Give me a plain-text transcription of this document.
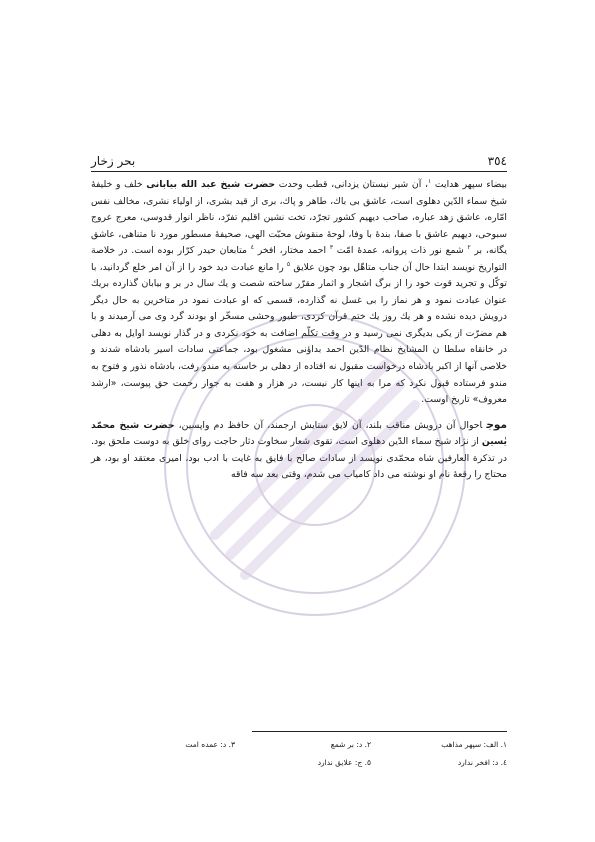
٣٥٤
بحر زخار

بیضاء سپهر هدایت $^١$، آن شیر نیستان یزدانی، قطب وحدت حضرت شیخ عبد الله بیابانی خلف و خلیفهٔ شیخ سماء الدّین دهلوی است، عاشق بی باك، طاهر و پاك، بری از قید بشری، از اولیاء نشری، مخالف نفس امّاره، عاشق زهد عباره، صاحب دیهیم کشور تجرّد، تخت نشین اقلیم تفرّد، ناظر انوار قدوسی، معرج عروج سبوحی، دیهیم عاشق با صفا، بندهٔ با وفا، لوحهٔ منقوش محبّت الهی، صحیفهٔ مسطور مورد نا متناهی، عاشق یگانه، بر $^٢$ شمع نور ذات پروانه، عمدهٔ امّت $^٣$ احمد مختار، افخر $^٤$ متابعان حیدر کرّار بوده است. در خلاصة التواریخ نویسد ابتدا حال آن جناب متاهّل بود چون علایق $^٥$ را مانع عبادت دید خود را از آن امر خلع گردانید، با توکّل و تجرید قوت خود را از برگ اشجار و اثمار مقرّر ساخته شصت و یك سال در بر و بیابان گذارده بریك عنوان عبادت نمود و هر نماز را بی غسل نه گذارده، قسمی که او عبادت نمود در متاخرین به حال دیگر درویش دیده نشده و هر یك روز یك ختم قرآن کردی، طیور وحشی مسخّر او بودند گرد وی می آرمیدند و با هم مضرّت از یکی بدیگری نمی رسید و در وقت تکلّم اضافت به خود نکردی و در گذار نویسد اوایل به دهلی در خانقاه سلطا ن المشایخ نظام الدّین احمد بداؤنی مشغول بود، جماعتی سادات اسیر بادشاه شدند و خلاصی آنها از اکبر بادشاه درخواست مقبول نه افتاده از دهلی بر خاسته به مندو رفت، بادشاه نذور و فتوح به مندو فرستاده قبول نکرد که مرا به اینها کار نیست، در هزار و هفت به جوار رحمت حق پیوست، «ارشد معروف» تاریخ اوست.

موجاحوال آن درویش مناقب بلند، آن لایق ستایش ارجمند، آن حافظ دم واپسین، حضرت شیخ محمّد یٰسین از نژاد شیخ سماء الدّین دهلوی است، تقوی شعار سخاوت دثار حاجت روای خلق به دوست ملحق بود. در تذکرة العارفین شاه محمّدی نویسد از سادات صالح با فایق به غایت با ادب بود، امیری معتقد او بود، هر محتاج را رقعهٔ نام او نوشته می داد کامیاب می شدم، وقتی بعد سه فاقه

١. الف: سپهر مذاهب
٢. د: بر شمع
٣. د: عمده امت
٤. د: افخر ندارد
٥. ج: علایق ندارد
